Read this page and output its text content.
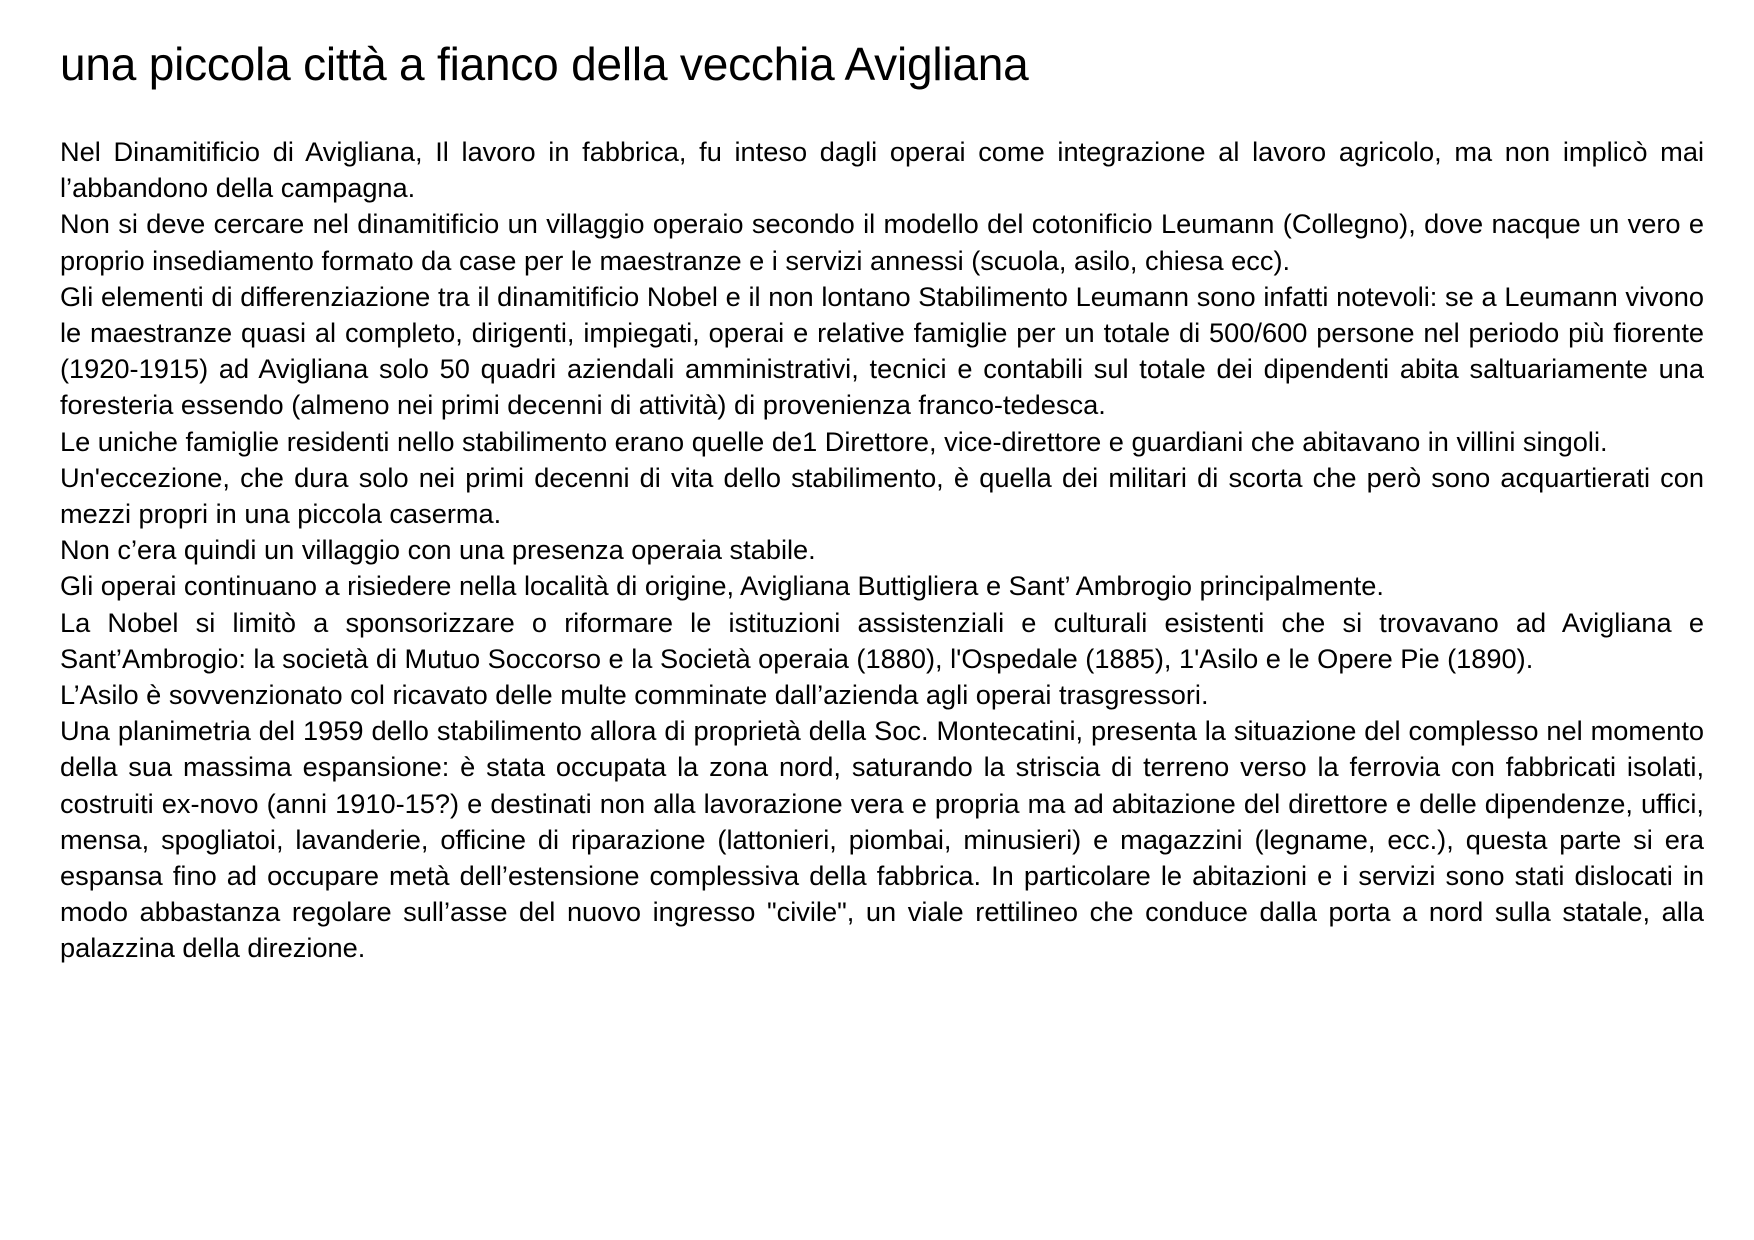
una piccola città a fianco della vecchia Avigliana

Nel Dinamitificio di Avigliana, Il lavoro in fabbrica, fu inteso dagli operai come integrazione al lavoro agricolo, ma non implicò mai l’abbandono della campagna.

Non si deve cercare nel dinamitificio un villaggio operaio secondo il modello del cotonificio Leumann (Collegno), dove nacque un vero e proprio insediamento formato da case per le maestranze e i servizi annessi (scuola, asilo, chiesa ecc).

Gli elementi di differenziazione tra il dinamitificio Nobel e il non lontano Stabilimento Leumann sono infatti notevoli: se a Leumann vivono le maestranze quasi al completo, dirigenti, impiegati, operai e relative famiglie per un totale di 500/600 persone nel periodo più fiorente (1920-1915) ad Avigliana solo 50 quadri aziendali amministrativi, tecnici e contabili sul totale dei dipendenti abita saltuariamente una foresteria essendo (almeno nei primi decenni di attività) di provenienza franco-tedesca.

Le uniche famiglie residenti nello stabilimento erano quelle de1 Direttore, vice-direttore e guardiani che abitavano in villini singoli.

Un'eccezione, che dura solo nei primi decenni di vita dello stabilimento, è quella dei militari di scorta che però sono acquartierati con mezzi propri in una piccola caserma.

Non c’era quindi un villaggio con una presenza operaia stabile.

Gli operai continuano a risiedere nella località di origine, Avigliana Buttigliera e Sant’ Ambrogio principalmente.

La Nobel si limitò a sponsorizzare o riformare le istituzioni assistenziali e culturali esistenti che si trovavano ad Avigliana e Sant’Ambrogio: la società di Mutuo Soccorso e la Società operaia (1880), l'Ospedale (1885), 1'Asilo e le Opere Pie (1890).

L’Asilo è sovvenzionato col ricavato delle multe comminate dall’azienda agli operai trasgressori.

Una planimetria del 1959 dello stabilimento allora di proprietà della Soc. Montecatini, presenta la situazione del complesso nel momento della sua massima espansione: è stata occupata la zona nord, saturando la striscia di terreno verso la ferrovia con fabbricati isolati, costruiti ex-novo (anni 1910-15?) e destinati non alla lavorazione vera e propria ma ad abitazione del direttore e delle dipendenze, uffici, mensa, spogliatoi, lavanderie, officine di riparazione (lattonieri, piombai, minusieri) e magazzini (legname, ecc.), questa parte si era espansa fino ad occupare metà dell’estensione complessiva della fabbrica. In particolare le abitazioni e i servizi sono stati dislocati in modo abbastanza regolare sull’asse del nuovo ingresso "civile", un viale rettilineo che conduce dalla porta a nord sulla statale, alla palazzina della direzione.
